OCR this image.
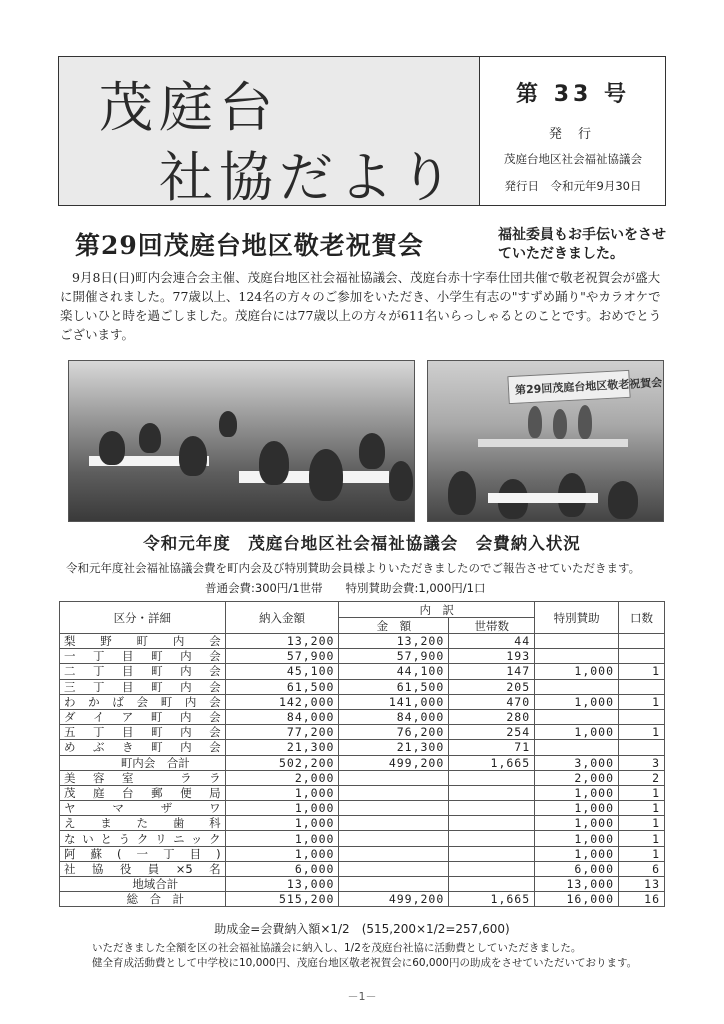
茂庭台
社協だより
第 33 号
発 行
茂庭台地区社会福祉協議会
発行日　令和元年9月30日
第29回茂庭台地区敬老祝賀会	福祉委員もお手伝いをさせていただきました。
9月8日(日)町内会連合会主催、茂庭台地区社会福祉協議会、茂庭台赤十字奉仕団共催で敬老祝賀会が盛大に開催されました。77歳以上、124名の方々のご参加をいただき、小学生有志の"すずめ踊り"やカラオケで楽しいひと時を過ごしました。茂庭台には77歳以上の方々が611名いらっしゃるとのことです。おめでとうございます。
第29回茂庭台地区敬老祝賀会
令和元年度　茂庭台地区社会福祉協議会　会費納入状況
令和元年度社会福祉協議会費を町内会及び特別賛助会員様よりいただきましたのでご報告させていただきます。
普通会費:300円/1世帯　　特別賛助会費:1,000円/1口
区分・詳細	納入金額	内　訳		特別賛助	口数
		金　額	世帯数		
梨野町内会	13,200	13,200	44		
一丁目町内会	57,900	57,900	193		
二丁目町内会	45,100	44,100	147	1,000	1
三丁目町内会	61,500	61,500	205		
わかば会町内会	142,000	141,000	470	1,000	1
ダイア町内会	84,000	84,000	280		
五丁目町内会	77,200	76,200	254	1,000	1
めぶき町内会	21,300	21,300	71		
町内会　合計	502,200	499,200	1,665	3,000	3
美容室　ララ	2,000			2,000	2
茂庭台郵便局	1,000			1,000	1
ヤマザワ	1,000			1,000	1
えまた歯科	1,000			1,000	1
ないとうクリニック	1,000			1,000	1
阿蘇(一丁目)	1,000			1,000	1
社協役員×5名	6,000			6,000	6
地域合計	13,000			13,000	13
総　合　計	515,200	499,200	1,665	16,000	16
助成金=会費納入額×1/2　(515,200×1/2=257,600)
いただきました全額を区の社会福祉協議会に納入し、1/2を茂庭台社協に活動費としていただきました。
健全育成活動費として中学校に10,000円、茂庭台地区敬老祝賀会に60,000円の助成をさせていただいております。
－1－
